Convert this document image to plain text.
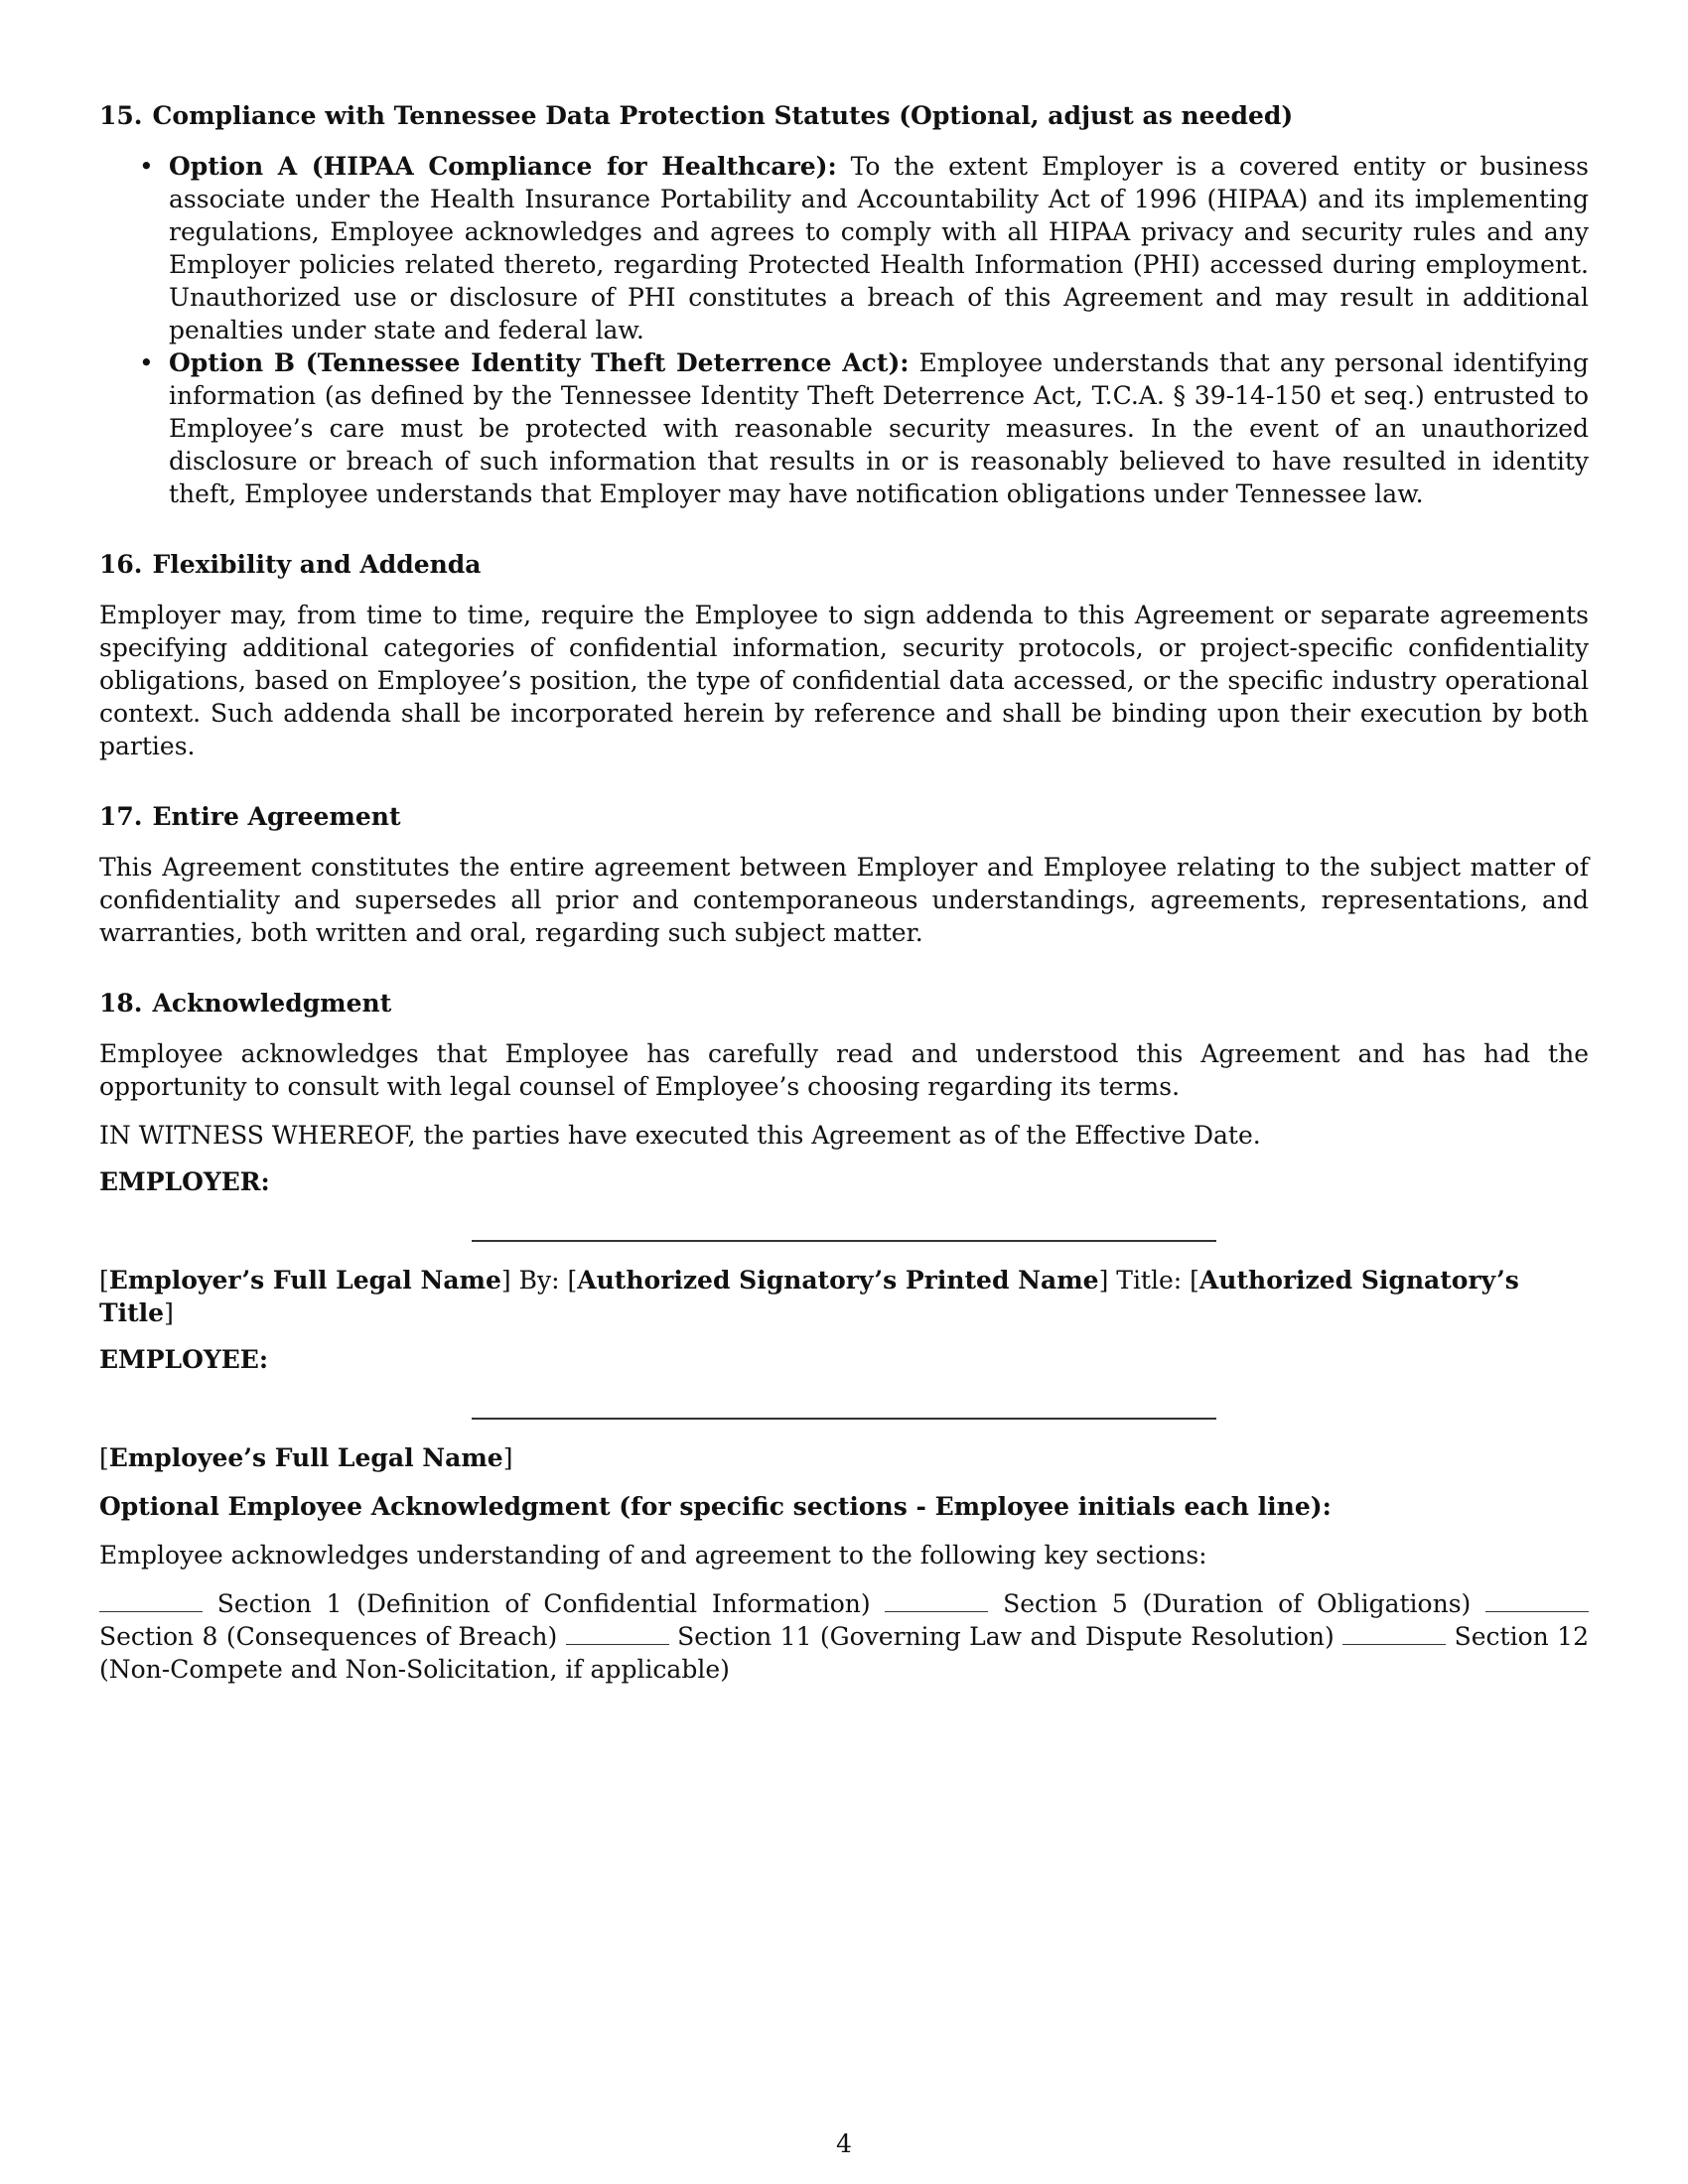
15. Compliance with Tennessee Data Protection Statutes (Optional, adjust as needed)
• Option A (HIPAA Compliance for Healthcare): To the extent Employer is a covered entity or business associate under the Health Insurance Portability and Accountability Act of 1996 (HIPAA) and its implementing regulations, Employee acknowledges and agrees to comply with all HIPAA privacy and security rules and any Employer policies related thereto, regarding Protected Health Information (PHI) accessed during employment. Unauthorized use or disclosure of PHI constitutes a breach of this Agreement and may result in additional penalties under state and federal law.
• Option B (Tennessee Identity Theft Deterrence Act): Employee understands that any personal identifying information (as defined by the Tennessee Identity Theft Deterrence Act, T.C.A. § 39-14-150 et seq.) entrusted to Employee’s care must be protected with reasonable security measures. In the event of an unauthorized disclosure or breach of such information that results in or is reasonably believed to have resulted in identity theft, Employee understands that Employer may have notification obligations under Tennessee law.
16. Flexibility and Addenda

Employer may, from time to time, require the Employee to sign addenda to this Agreement or separate agreements specifying additional categories of confidential information, security protocols, or project-specific confidentiality obligations, based on Employee’s position, the type of confidential data accessed, or the specific industry operational context. Such addenda shall be incorporated herein by reference and shall be binding upon their execution by both parties.

17. Entire Agreement

This Agreement constitutes the entire agreement between Employer and Employee relating to the subject matter of confidentiality and supersedes all prior and contemporaneous understandings, agreements, representations, and warranties, both written and oral, regarding such subject matter.

18. Acknowledgment

Employee acknowledges that Employee has carefully read and understood this Agreement and has had the opportunity to consult with legal counsel of Employee’s choosing regarding its terms.

IN WITNESS WHEREOF, the parties have executed this Agreement as of the Effective Date.

EMPLOYER:
[Employer’s Full Legal Name] By: [Authorized Signatory’s Printed Name] Title: [Authorized Signatory’s Title]
EMPLOYEE:
[Employee’s Full Legal Name]
Optional Employee Acknowledgment (for specific sections - Employee initials each line):

Employee acknowledges understanding of and agreement to the following key sections:

Section 1 (Definition of Confidential Information)	Section 5 (Duration of Obligations)  Section 8 (Consequences of Breach)	Section 11 (Governing Law and Dispute Resolution)	Section 12 (Non-Compete and Non-Solicitation, if applicable)

4
